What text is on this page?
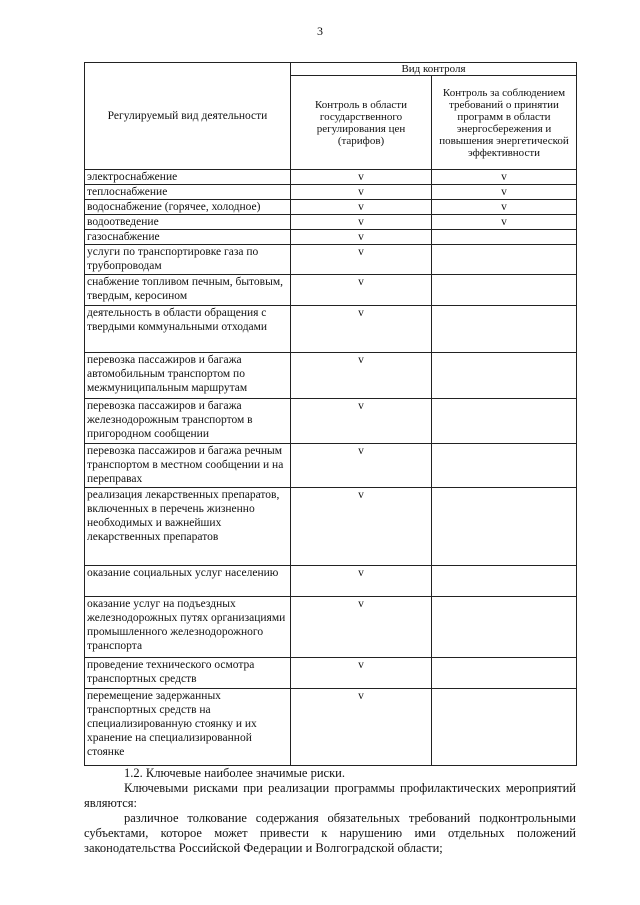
3
Регулируемый вид деятельности	Вид контроля	
	Контроль в области государственного регулирования цен (тарифов)	Контроль за соблюдением требований о принятии программ в области энергосбережения и повышения энергетической эффективности
электроснабжение	v	v
теплоснабжение	v	v
водоснабжение (горячее, холодное)	v	v
водоотведение	v	v
газоснабжение	v	
услуги по транспортировке газа по трубопроводам	v	
снабжение топливом печным, бытовым, твердым, керосином	v	
деятельность в области обращения с твердыми коммунальными отходами	v	
перевозка пассажиров и багажа автомобильным транспортом по межмуниципальным маршрутам	v	
перевозка пассажиров и багажа железнодорожным транспортом в пригородном сообщении	v	
перевозка пассажиров и багажа речным транспортом в местном сообщении и на переправах	v	
реализация лекарственных препаратов, включенных в перечень жизненно необходимых и важнейших лекарственных препаратов	v	
оказание социальных услуг населению	v	
оказание услуг на подъездных железнодорожных путях организациями промышленного железнодорожного транспорта	v	
проведение технического осмотра транспортных средств	v	
перемещение задержанных транспортных средств на специализированную стоянку и их хранение на специализированной стоянке	v	
1.2. Ключевые наиболее значимые риски.
Ключевыми рисками при реализации программы профилактических мероприятий являются:
различное толкование содержания обязательных требований подконтрольными субъектами, которое может привести к нарушению ими отдельных положений законодательства Российской Федерации и Волгоградской области;
